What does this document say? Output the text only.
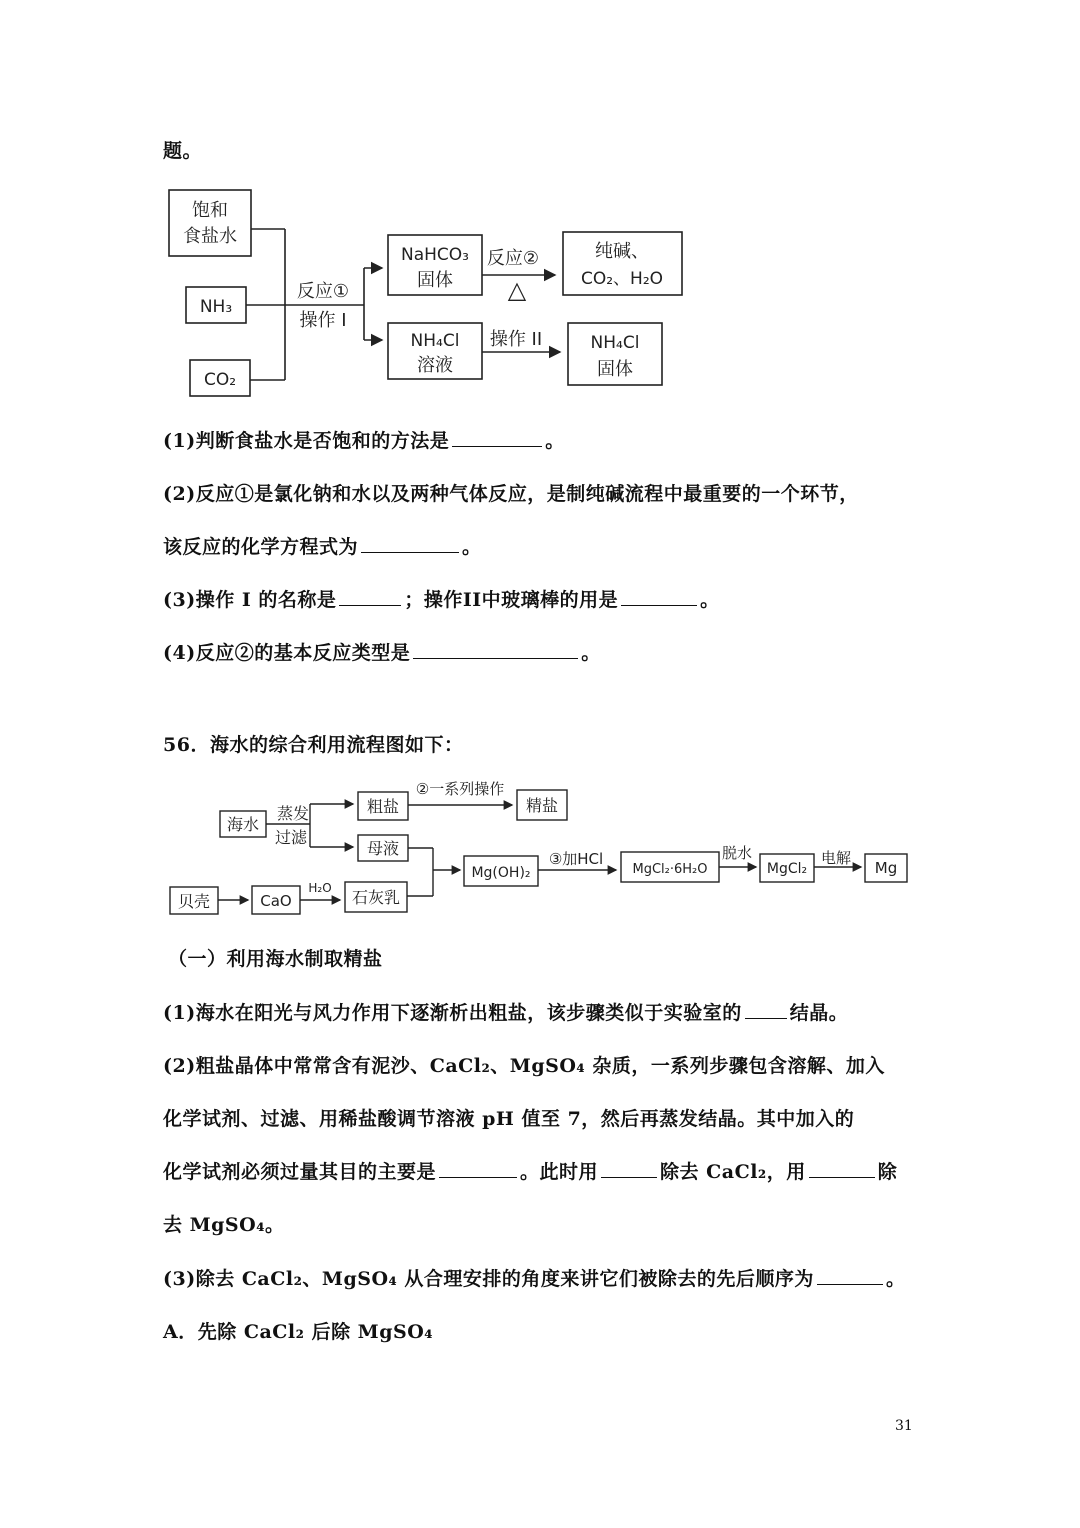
题。
饱和
食盐水
NH₃
CO₂
反应①
操作 I
NaHCO₃
固体
反应②
△
纯碱、
CO₂、H₂O
NH₄Cl
溶液
操作 II	NH₄Cl
固体
(1)判断食盐水是否饱和的方法是	。
(2)反应①是氯化钠和水以及两种气体反应，是制纯碱流程中最重要的一个环节，
该反应的化学方程式为	。
(3)操作 I 的名称是	；操作II中玻璃棒的用是	。
(4)反应②的基本反应类型是	。
56．海水的综合利用流程图如下：
海水
蒸发
过滤
粗盐
②一系列操作
精盐
母液
贝壳	CaO
H₂O 石灰乳
Mg(OH)₂
③加HCl
MgCl₂·6H₂O
脱水
MgCl₂
电解
Mg
（一）利用海水制取精盐
(1)海水在阳光与风力作用下逐渐析出粗盐，该步骤类似于实验室的	结晶。
(2)粗盐晶体中常常含有泥沙、CaCl₂、MgSO₄ 杂质，一系列步骤包含溶解、加入
化学试剂、过滤、用稀盐酸调节溶液 pH 值至 7，然后再蒸发结晶。其中加入的
化学试剂必须过量其目的主要是	。此时用	除去 CaCl₂，用	除
去 MgSO₄。
(3)除去 CaCl₂、MgSO₄ 从合理安排的角度来讲它们被除去的先后顺序为	。
A．先除 CaCl₂ 后除 MgSO₄
31
